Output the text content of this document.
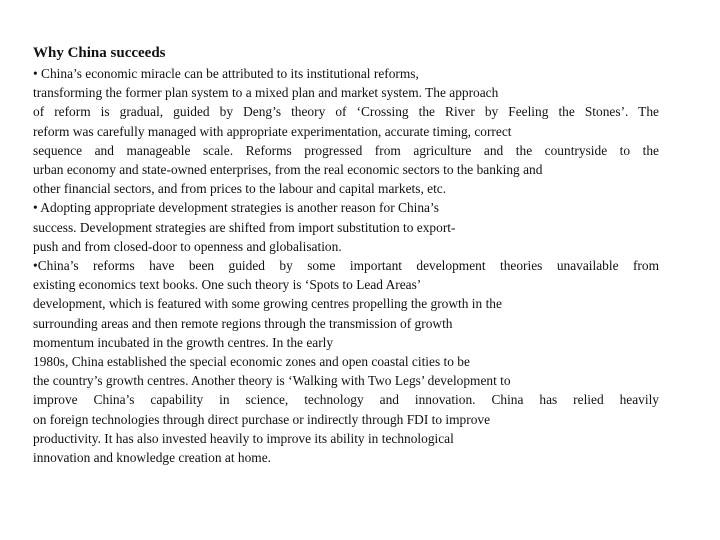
Why China succeeds
• China’s economic miracle can be attributed to its institutional reforms,
transforming the former plan system to a mixed plan and market system. The approach
of reform is gradual, guided by Deng’s theory of ‘Crossing the River by Feeling the Stones’. The
reform was carefully managed with appropriate experimentation, accurate timing, correct
sequence and manageable scale. Reforms progressed from agriculture and the countryside to the
urban economy and state-owned enterprises, from the real economic sectors to the banking and
other financial sectors, and from prices to the labour and capital markets, etc.
• Adopting appropriate development strategies is another reason for China’s
success. Development strategies are shifted from import substitution to export-
push and from closed-door to openness and globalisation.
•China’s reforms have been guided by some important development theories unavailable from
existing economics text books. One such theory is ‘Spots to Lead Areas’
development, which is featured with some growing centres propelling the growth in the
surrounding areas and then remote regions through the transmission of growth
momentum incubated in the growth centres. In the early
1980s, China established the special economic zones and open coastal cities to be
the country’s growth centres. Another theory is ‘Walking with Two Legs’ development to
improve China’s capability in science, technology and innovation. China has relied heavily
on foreign technologies through direct purchase or indirectly through FDI to improve
productivity. It has also invested heavily to improve its ability in technological
innovation and knowledge creation at home.
